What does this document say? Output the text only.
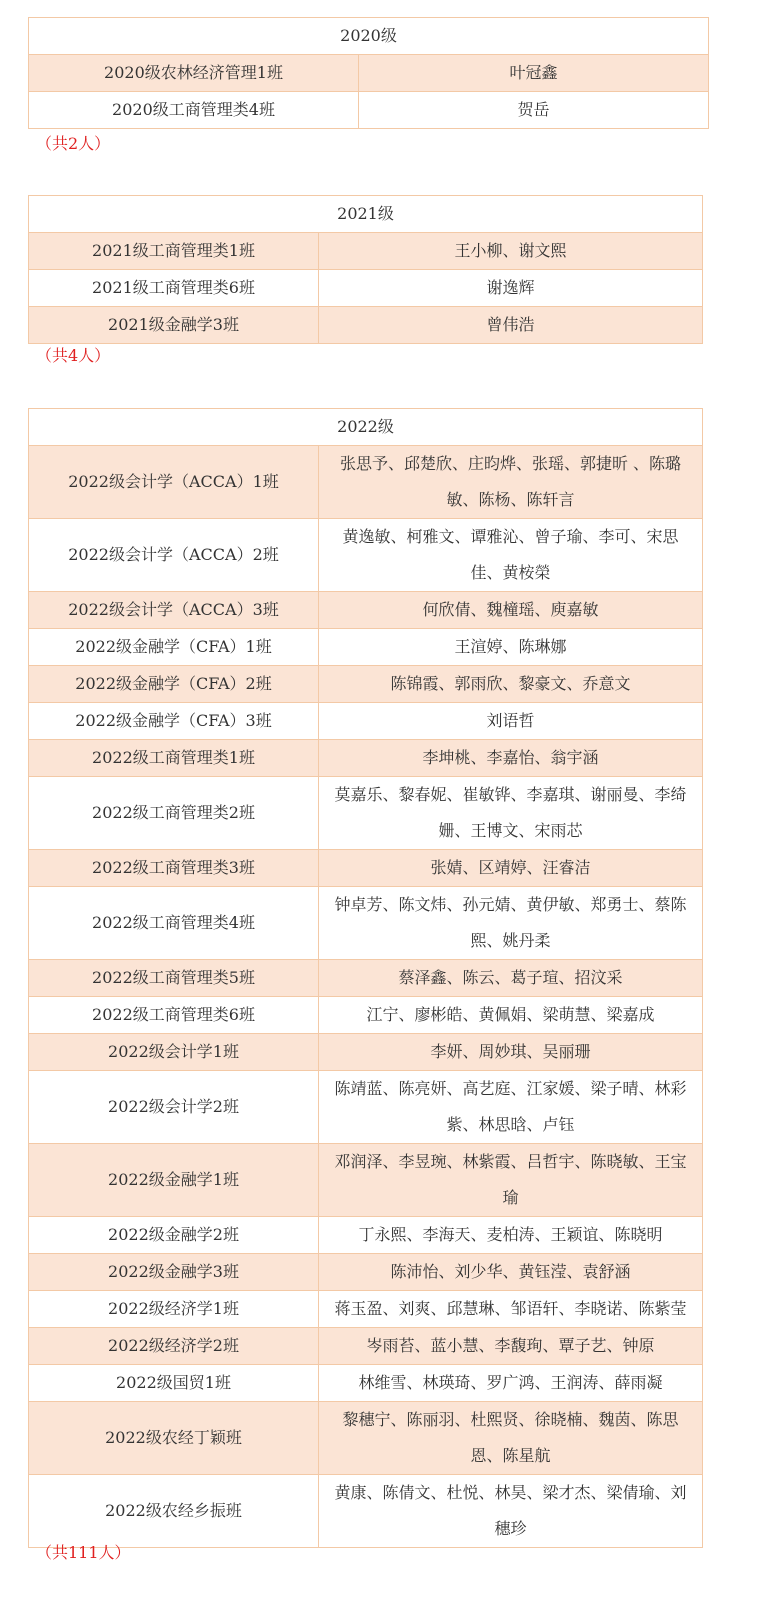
2020级	
2020级农林经济管理1班	叶冠鑫
2020级工商管理类4班	贺岳
（共2人）
2021级	
2021级工商管理类1班	王小柳、谢文熙
2021级工商管理类6班	谢逸辉
2021级金融学3班	曾伟浩
（共4人）
2022级	
2022级会计学（ACCA）1班	张思予、邱楚欣、庄昀烨、张瑶、郭捷昕 、陈璐敏、陈杨、陈轩言
2022级会计学（ACCA）2班	黄逸敏、柯雅文、谭雅沁、曾子瑜、李可、宋思佳、黄桉榮
2022级会计学（ACCA）3班	何欣倩、魏橦瑶、庾嘉敏
2022级金融学（CFA）1班	王渲婷、陈琳娜
2022级金融学（CFA）2班	陈锦霞、郭雨欣、黎豪文、乔意文
2022级金融学（CFA）3班	刘语哲
2022级工商管理类1班	李坤桃、李嘉怡、翁宇涵
2022级工商管理类2班	莫嘉乐、黎春妮、崔敏铧、李嘉琪、谢丽曼、李绮姗、王博文、宋雨芯
2022级工商管理类3班	张婧、区靖婷、汪睿洁
2022级工商管理类4班	钟卓芳、陈文炜、孙元婧、黄伊敏、郑勇士、蔡陈熙、姚丹柔
2022级工商管理类5班	蔡泽鑫、陈云、葛子瑄、招汶采
2022级工商管理类6班	江宁、廖彬皓、黄佩娟、梁萌慧、梁嘉成
2022级会计学1班	李妍、周妙琪、吴丽珊
2022级会计学2班	陈靖蓝、陈亮妍、高艺庭、江家媛、梁子晴、林彩紫、林思晗、卢钰
2022级金融学1班	邓润泽、李昱琬、林紫霞、吕哲宇、陈晓敏、王宝瑜
2022级金融学2班	丁永熙、李海天、麦柏涛、王颖谊、陈晓明
2022级金融学3班	陈沛怡、刘少华、黄钰滢、袁舒涵
2022级经济学1班	蒋玉盈、刘爽、邱慧琳、邹语轩、李晓诺、陈紫莹
2022级经济学2班	岑雨苔、蓝小慧、李馥珣、覃子艺、钟原
2022级国贸1班	林维雪、林瑛琦、罗广鸿、王润涛、薛雨凝
2022级农经丁颖班	黎穗宁、陈丽羽、杜熙贤、徐晓楠、魏茵、陈思恩、陈星航
2022级农经乡振班	黄康、陈倩文、杜悦、林昊、梁才杰、梁倩瑜、刘穗珍
（共111人）
